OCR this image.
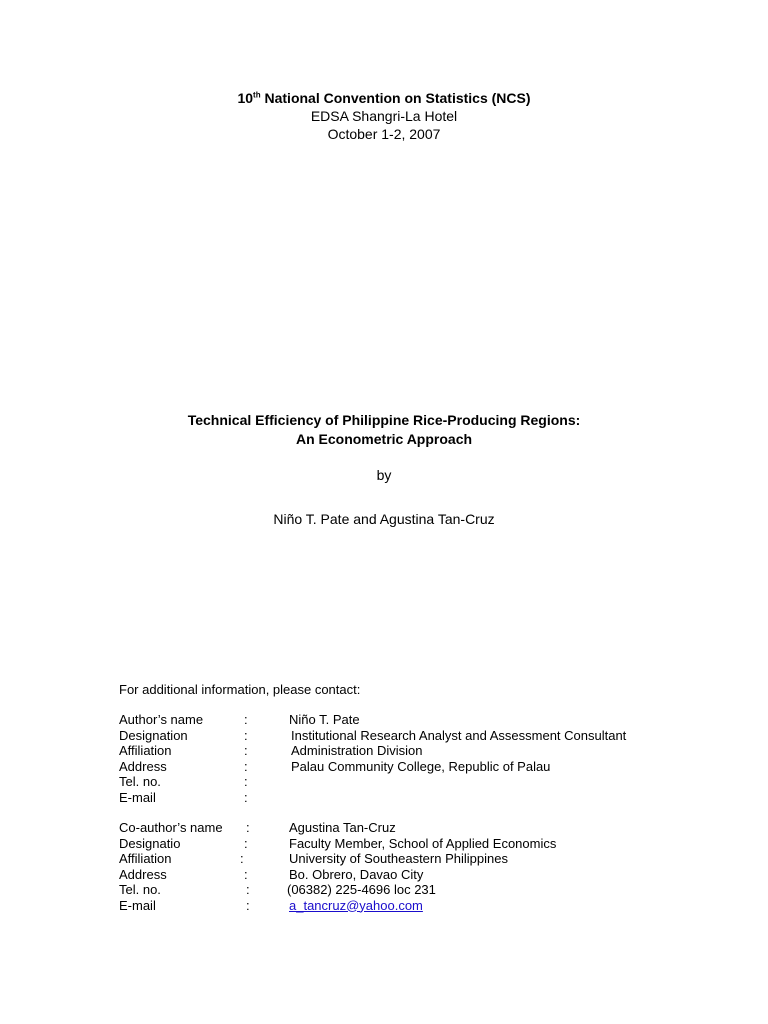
10th National Convention on Statistics (NCS)
EDSA Shangri-La Hotel
October 1-2, 2007
Technical Efficiency of Philippine Rice-Producing Regions:
An Econometric Approach
by
Niño T. Pate and Agustina Tan-Cruz
For additional information, please contact:
Author’s name	:	Niño T. Pate
Designation	:	Institutional Research Analyst and Assessment Consultant
Affiliation	:	Administration Division
Address	:	Palau Community College, Republic of Palau
Tel. no.	:
E-mail	:
Co-author’s name :	Agustina Tan-Cruz
Designatio	:	Faculty Member, School of Applied Economics
Affiliation	:	University of Southeastern Philippines
Address	:	Bo. Obrero, Davao City
Tel. no.	:	(06382) 225-4696 loc 231
E-mail	:	a_tancruz@yahoo.com
